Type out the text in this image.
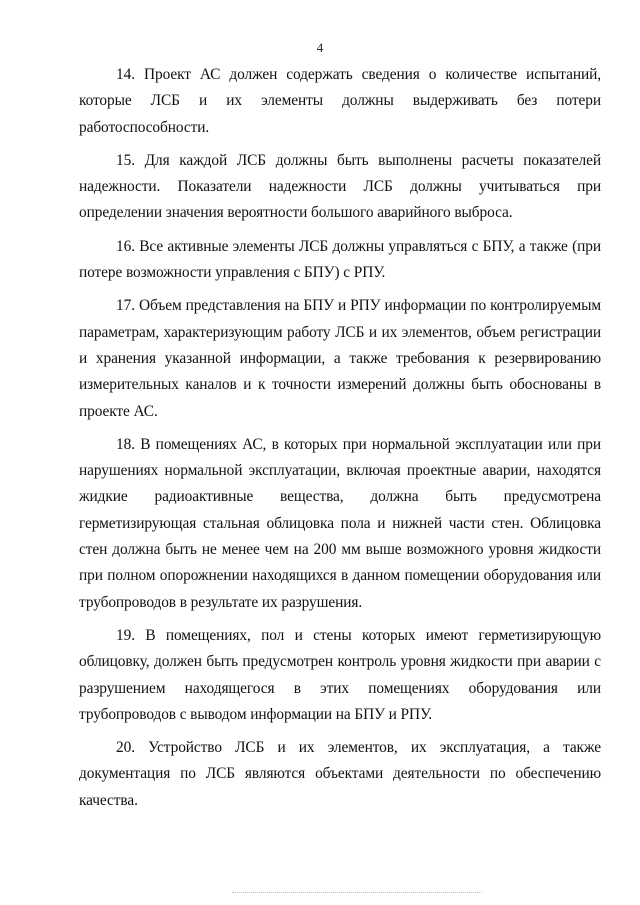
4

14. Проект АС должен содержать сведения о количестве испытаний, которые ЛСБ и их элементы должны выдерживать без потери работоспособности.

15. Для каждой ЛСБ должны быть выполнены расчеты показателей надежности. Показатели надежности ЛСБ должны учитываться при определении значения вероятности большого аварийного выброса.

16. Все активные элементы ЛСБ должны управляться с БПУ, а также (при потере возможности управления с БПУ) с РПУ.

17. Объем представления на БПУ и РПУ информации по контролируемым параметрам, характеризующим работу ЛСБ и их элементов, объем регистрации и хранения указанной информации, а также требования к резервированию измерительных каналов и к точности измерений должны быть обоснованы в проекте АС.

18. В помещениях АС, в которых при нормальной эксплуатации или при нарушениях нормальной эксплуатации, включая проектные аварии, находятся жидкие радиоактивные вещества, должна быть предусмотрена герметизирующая стальная облицовка пола и нижней части стен. Облицовка стен должна быть не менее чем на 200 мм выше возможного уровня жидкости при полном опорожнении находящихся в данном помещении оборудования или трубопроводов в результате их разрушения.

19. В помещениях, пол и стены которых имеют герметизирующую облицовку, должен быть предусмотрен контроль уровня жидкости при аварии с разрушением находящегося в этих помещениях оборудования или трубопроводов с выводом информации на БПУ и РПУ.

20. Устройство ЛСБ и их элементов, их эксплуатация, а также документация по ЛСБ являются объектами деятельности по обеспечению качества.
